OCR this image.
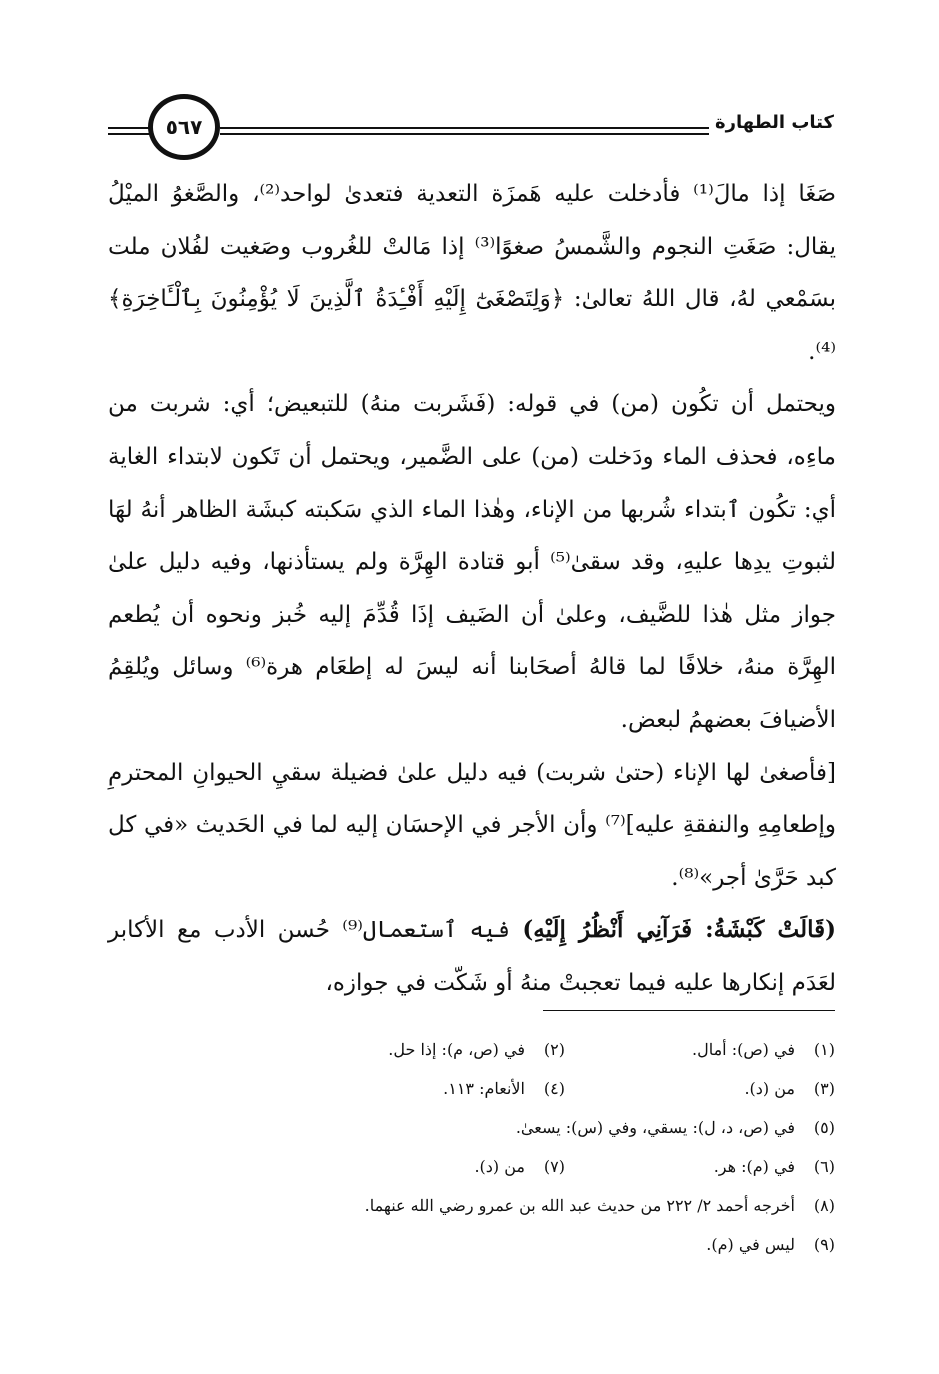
كتاب الطهارة
٥٦٧

صَغَا إذا مالَ⁽¹⁾ فأدخلت عليه هَمزَة التعدية فتعدىٰ لواحد⁽²⁾، والصَّغوُ الميْلُ يقال: صَغَتِ النجوم والشَّمسُ صغوًا⁽³⁾ إذا مَالتْ للغُروب وصَغيت لفُلان ملت بسَمْعي لهُ، قال اللهُ تعالىٰ: ﴿وَلِتَصْغَىٰٓ إِلَيْهِ أَفْـِٔدَةُ ٱلَّذِينَ لَا يُؤْمِنُونَ بِٱلْـَٔاخِرَةِ﴾⁽⁴⁾.

ويحتمل أن تكُون (من) في قوله: (فَشَربت منهُ) للتبعيض؛ أي: شربت من ماءِه، فحذف الماء ودَخلت (من) على الضَّمير، ويحتمل أن تَكون لابتداء الغاية أي: تكُون ٱبتداء شُربها من الإناء، وهٰذا الماء الذي سَكبته كبشَة الظاهر أنهُ لهَا لثبوتِ يدِها عليهِ، وقد سقىٰ⁽⁵⁾ أبو قتادة الهِرَّة ولم يستأذنها، وفيه دليل علىٰ جواز مثل هٰذا للضَّيف، وعلىٰ أن الضَيف إذَا قُدِّمَ إليه خُبز ونحوه أن يُطعم الهِرَّة منهُ، خلافًا لما قالهُ أصحَابنا أنه ليسَ له إطعَام هرة⁽⁶⁾ وسائل ويُلقِمُ الأضيافَ بعضهمُ لبعض.

[فأصغىٰ لها الإناء (حتىٰ شربت) فيه دليل علىٰ فضيلة سقيِ الحيوانِ المحترمِ وإطعامِهِ والنفقةِ عليه]⁽⁷⁾ وأن الأجر في الإحسَان إليه لما في الحَديث «في كل كبد حَرَّىٰ أجر»⁽⁸⁾.

(قَالَتْ كَبْشَةُ: فَرَآنِي أَنْظُرُ إِلَيْهِ) فيه ٱستعمال⁽⁹⁾ حُسن الأدب مع الأكابر لعَدَم إنكارها عليه فيما تعجبتْ منهُ أو شَكّت في جوازه،

(١)
في (ص): أمال.
(٢)
في (ص، م): إذا حل.
(٣)
من (د).
(٤)
الأنعام: ١١٣.
(٥)
في (ص، د، ل): يسقي، وفي (س): يسعىٰ.
(٦)
في (م): هر.
(٧)
من (د).
(٨)
أخرجه أحمد ٢/ ٢٢٢ من حديث عبد الله بن عمرو رضي الله عنهما.
(٩)
ليس في (م).
